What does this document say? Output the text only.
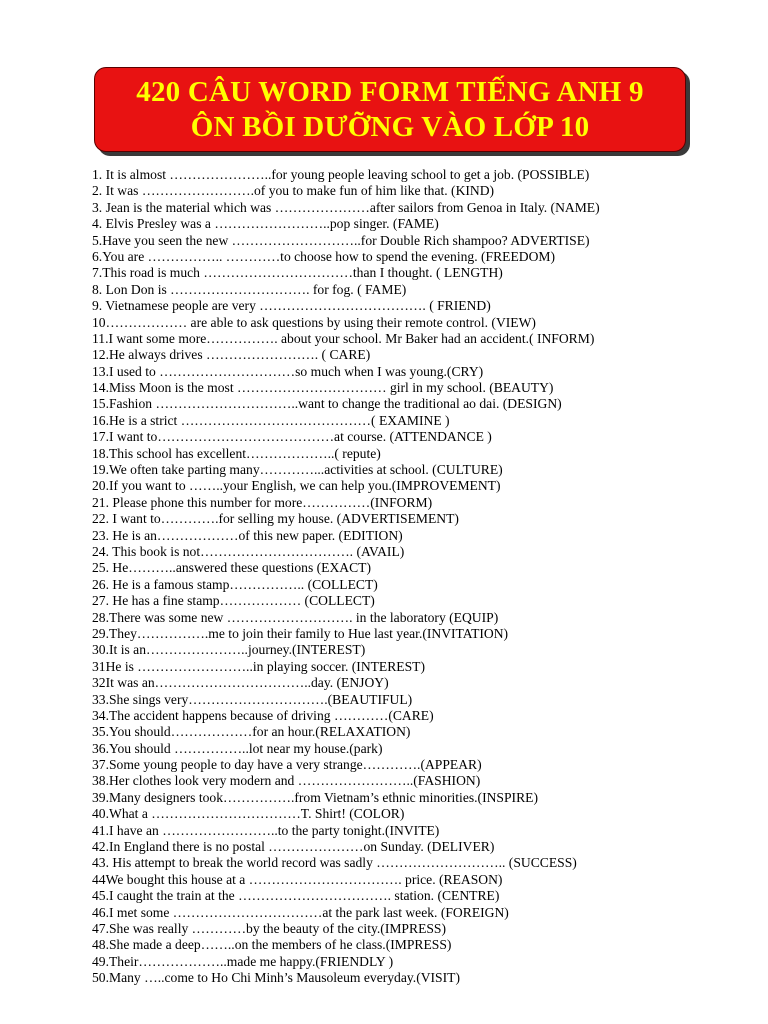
420 CÂU WORD FORM TIẾNG ANH 9
ÔN BỒI DƯỠNG VÀO LỚP 10
1. It is almost …………………..for young people leaving school to get a job. (POSSIBLE)
2. It was …………………….of you to make fun of him like that. (KIND)
3. Jean is the material which was …………………after sailors from Genoa in Italy. (NAME)
4. Elvis Presley was a ……………………..pop singer. (FAME)
5.Have you seen the new ………………………..for Double Rich shampoo? ADVERTISE)
6.You are …………….. …………to choose how to spend the evening. (FREEDOM)
7.This road is much ……………………………than I thought. ( LENGTH)
8. Lon Don is …………………………. for fog. ( FAME)
9. Vietnamese people are very ………………………………. ( FRIEND)
10……………… are able to ask questions by using their remote control. (VIEW)
11.I want some more……………. about your school. Mr Baker had an accident.( INFORM)
12.He always drives ……………………. ( CARE)
13.I used to …………………………so much when I was young.(CRY)
14.Miss Moon is the most …………………………… girl in my school. (BEAUTY)
15.Fashion …………………………..want to change the traditional ao dai. (DESIGN)
16.He is a strict ……………………………………( EXAMINE )
17.I want to…………………………………at course. (ATTENDANCE )
18.This school has excellent………………..( repute)
19.We often take parting many…………...activities at school. (CULTURE)
20.If you want to ……..your English, we can help you.(IMPROVEMENT)
21. Please phone this number for more……………(INFORM)
22. I want to………….for selling my house. (ADVERTISEMENT)
23. He is an………………of this new paper. (EDITION)
24. This book is not……………………………. (AVAIL)
25. He………..answered these questions (EXACT)
26. He is a famous stamp…………….. (COLLECT)
27. He has a fine stamp……………… (COLLECT)
28.There was some new ………………………. in the laboratory (EQUIP)
29.They…………….me to join their family to Hue last year.(INVITATION)
30.It is an…………………..journey.(INTEREST)
31He is ……………………..in playing soccer. (INTEREST)
32It was an……………………………..day. (ENJOY)
33.She sings very………………………….(BEAUTIFUL)
34.The accident happens because of driving …………(CARE)
35.You should………………for an hour.(RELAXATION)
36.You should ……………..lot near my house.(park)
37.Some young people to day have a very strange………….(APPEAR)
38.Her clothes look very modern and ……………………..(FASHION)
39.Many designers took…………….from Vietnam’s ethnic minorities.(INSPIRE)
40.What a ……………………………T. Shirt! (COLOR)
41.I have an ……………………..to the party tonight.(INVITE)
42.In England there is no postal …………………on Sunday. (DELIVER)
43. His attempt to break the world record was sadly ……………………….. (SUCCESS)
44We bought this house at a ……………………………. price. (REASON)
45.I caught the train at the ……………………………. station. (CENTRE)
46.I met some ……………………………at the park last week. (FOREIGN)
47.She was really …………by the beauty of the city.(IMPRESS)
48.She made a deep……..on the members of he class.(IMPRESS)
49.Their………………..made me happy.(FRIENDLY )
50.Many …..come to Ho Chi Minh’s Mausoleum everyday.(VISIT)
